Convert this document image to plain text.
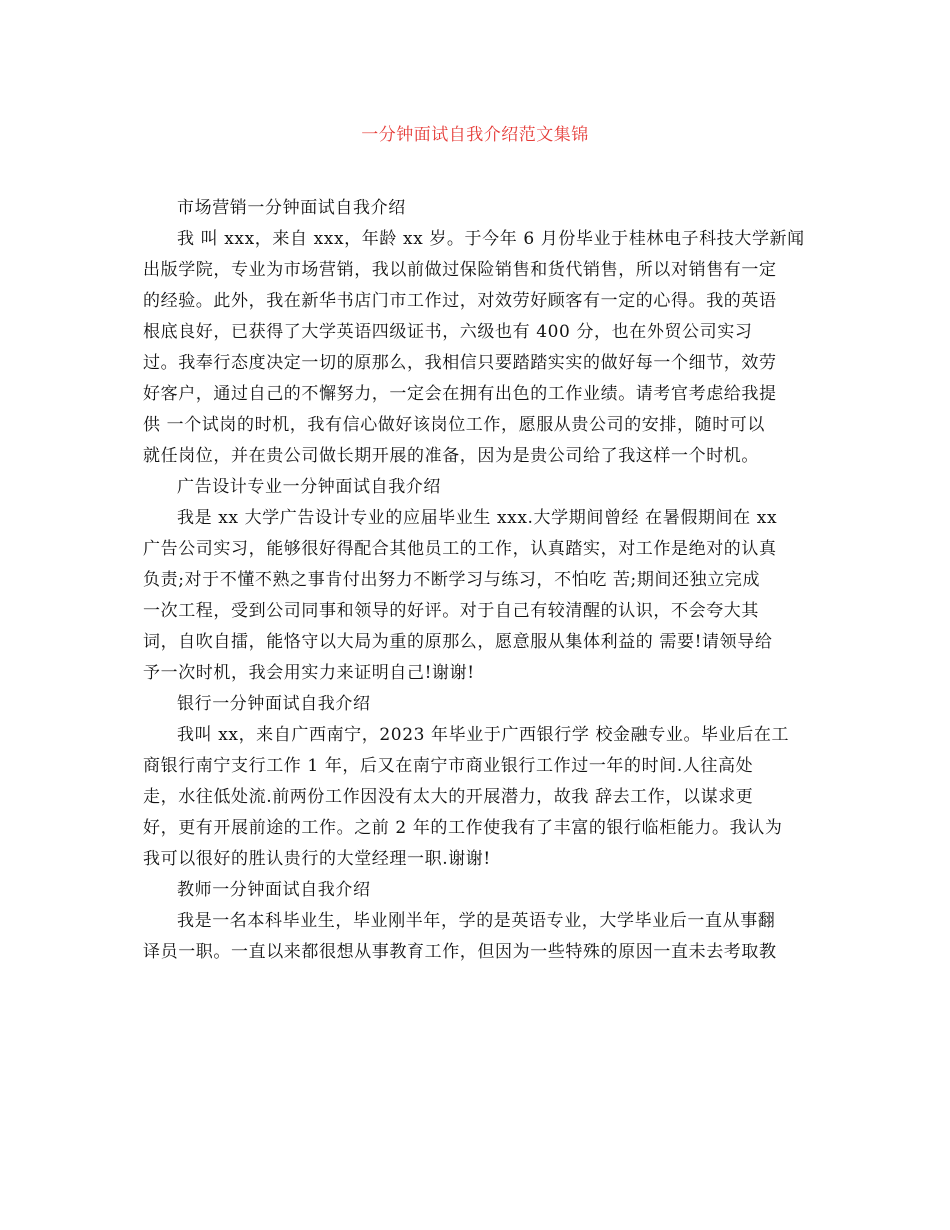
一分钟面试自我介绍范文集锦
市场营销一分钟面试自我介绍
我 叫 xxx，来自 xxx，年龄 xx 岁。于今年 6 月份毕业于桂林电子科技大学新闻
出版学院，专业为市场营销，我以前做过保险销售和货代销售，所以对销售有一定
的经验。此外，我在新华书店门市工作过，对效劳好顾客有一定的心得。我的英语
根底良好，已获得了大学英语四级证书，六级也有 400 分，也在外贸公司实习
过。我奉行态度决定一切的原那么，我相信只要踏踏实实的做好每一个细节，效劳
好客户，通过自己的不懈努力，一定会在拥有出色的工作业绩。请考官考虑给我提
供 一个试岗的时机，我有信心做好该岗位工作，愿服从贵公司的安排，随时可以
就任岗位，并在贵公司做长期开展的准备，因为是贵公司给了我这样一个时机。
广告设计专业一分钟面试自我介绍
我是 xx 大学广告设计专业的应届毕业生 xxx.大学期间曾经 在暑假期间在 xx
广告公司实习，能够很好得配合其他员工的工作，认真踏实，对工作是绝对的认真
负责;对于不懂不熟之事肯付出努力不断学习与练习，不怕吃 苦;期间还独立完成
一次工程，受到公司同事和领导的好评。对于自己有较清醒的认识，不会夸大其
词，自吹自擂，能恪守以大局为重的原那么，愿意服从集体利益的 需要!请领导给
予一次时机，我会用实力来证明自己!谢谢!
银行一分钟面试自我介绍
我叫 xx，来自广西南宁，2023 年毕业于广西银行学 校金融专业。毕业后在工
商银行南宁支行工作 1 年，后又在南宁市商业银行工作过一年的时间.人往高处
走，水往低处流.前两份工作因没有太大的开展潜力，故我 辞去工作，以谋求更
好，更有开展前途的工作。之前 2 年的工作使我有了丰富的银行临柜能力。我认为
我可以很好的胜认贵行的大堂经理一职.谢谢!
教师一分钟面试自我介绍
我是一名本科毕业生，毕业刚半年，学的是英语专业，大学毕业后一直从事翻
译员一职。一直以来都很想从事教育工作，但因为一些特殊的原因一直未去考取教
